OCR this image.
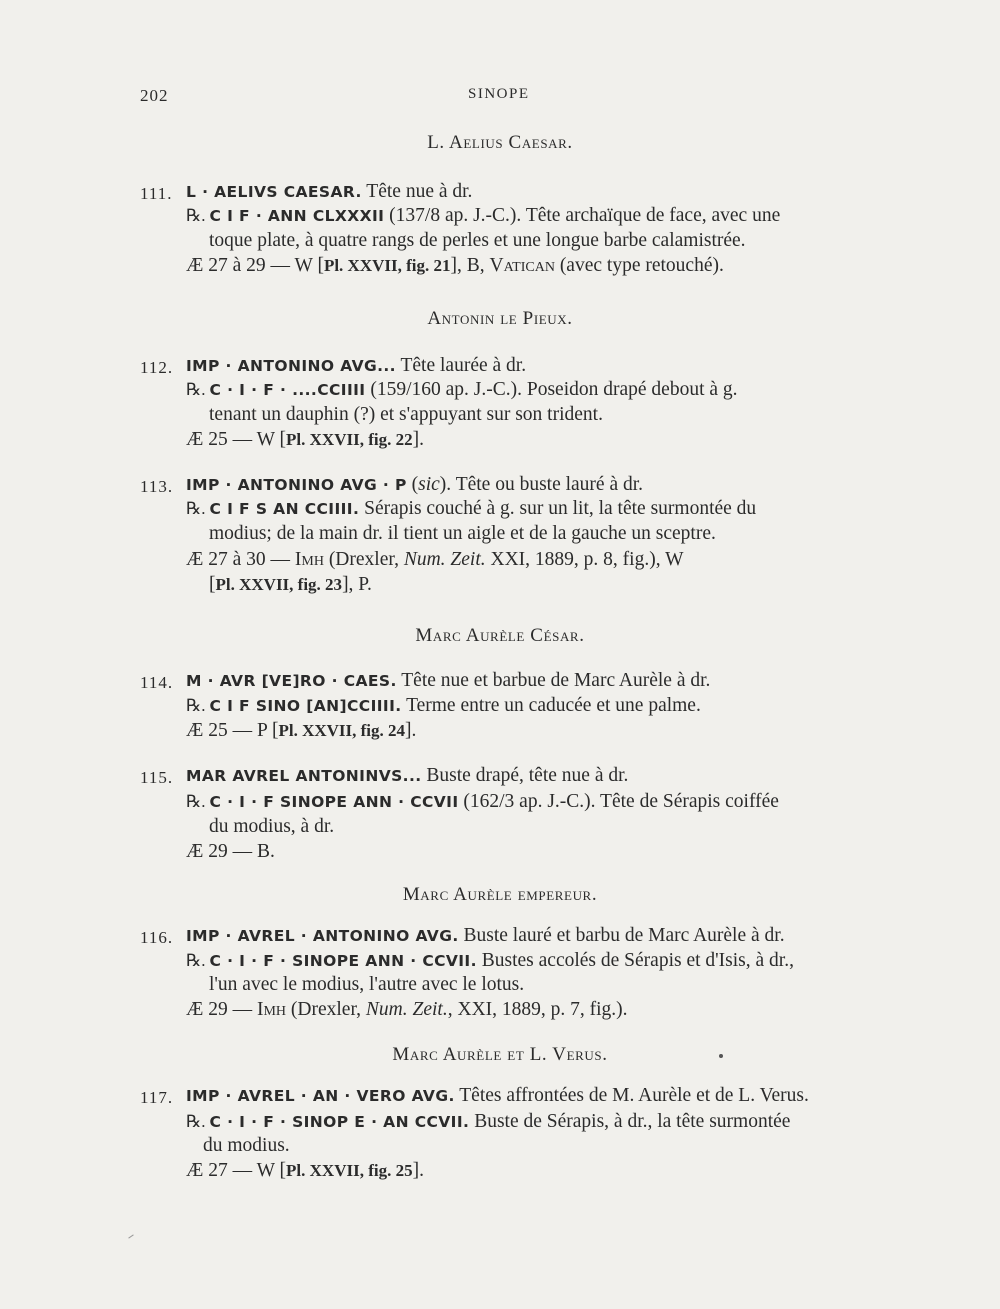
202	SINOPE
L. Aelius Caesar.
111. L · AELIVS CAESAR. Tête nue à dr.
℞. C I F · ANN CLXXXII (137/8 ap. J.-C.). Tête archaïque de face, avec une
toque plate, à quatre rangs de perles et une longue barbe calamistrée.
Æ 27 à 29 — W [Pl. XXVII, fig. 21], B, Vatican (avec type retouché).
Antonin le Pieux.
112. IMP · ANTONINO AVG... Tête laurée à dr.
℞. C · I · F · ....CCIIII (159/160 ap. J.-C.). Poseidon drapé debout à g.
tenant un dauphin (?) et s'appuyant sur son trident.
Æ 25 — W [Pl. XXVII, fig. 22].
113. IMP · ANTONINO AVG · P (sic). Tête ou buste lauré à dr.
℞. C I F S AN CCIIII. Sérapis couché à g. sur un lit, la tête surmontée du
modius; de la main dr. il tient un aigle et de la gauche un sceptre.
Æ 27 à 30 — Imh (Drexler, Num. Zeit. XXI, 1889, p. 8, fig.), W
[Pl. XXVII, fig. 23], P.
Marc Aurèle César.
114. M · AVR [VE]RO · CAES. Tête nue et barbue de Marc Aurèle à dr.
℞. C I F SINO [AN]CCIIII. Terme entre un caducée et une palme.
Æ 25 — P [Pl. XXVII, fig. 24].
115. MAR AVREL ANTONINVS... Buste drapé, tête nue à dr.
℞. C · I · F SINOPE ANN · CCVII (162/3 ap. J.-C.). Tête de Sérapis coiffée
du modius, à dr.
Æ 29 — B.
Marc Aurèle empereur.
116. IMP · AVREL · ANTONINO AVG. Buste lauré et barbu de Marc Aurèle à dr.
℞. C · I · F · SINOPE ANN · CCVII. Bustes accolés de Sérapis et d'Isis, à dr.,
l'un avec le modius, l'autre avec le lotus.
Æ 29 — Imh (Drexler, Num. Zeit., XXI, 1889, p. 7, fig.).
Marc Aurèle et L. Verus.
117. IMP · AVREL · AN · VERO AVG. Têtes affrontées de M. Aurèle et de L. Verus.
℞. C · I · F · SINOP E · AN CCVII. Buste de Sérapis, à dr., la tête surmontée
du modius.
Æ 27 — W [Pl. XXVII, fig. 25].
